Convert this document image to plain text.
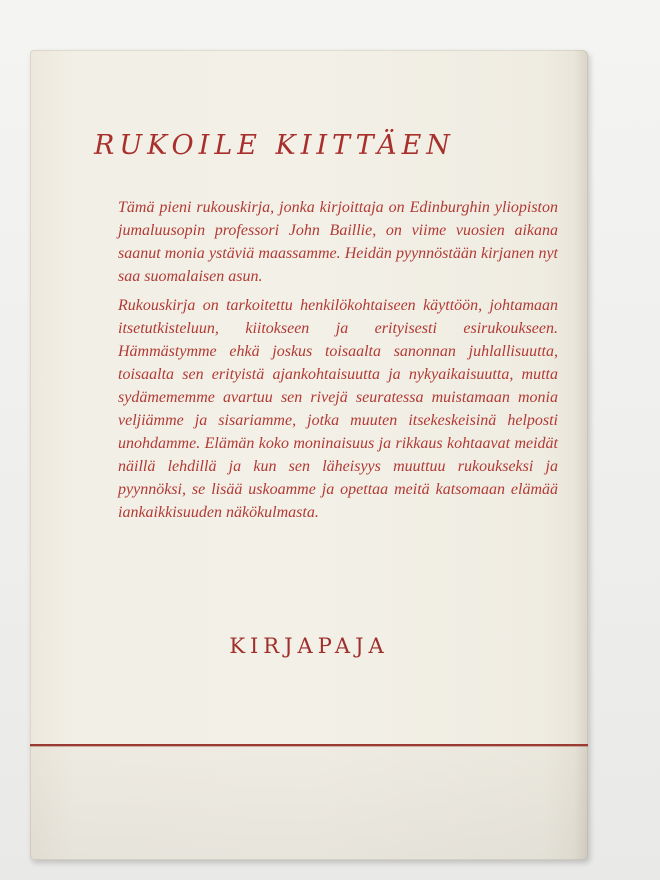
RUKOILE KIITTÄEN

Tämä pieni rukouskirja, jonka kirjoittaja on Edinburghin yliopiston jumaluusopin professori John Baillie, on viime vuosien aikana saanut monia ystäviä maassamme. Heidän pyynnöstään kirjanen nyt saa suomalaisen asun.

Rukouskirja on tarkoitettu henkilökohtaiseen käyttöön, johtamaan itsetutkisteluun, kiitokseen ja erityisesti esirukoukseen. Hämmästymme ehkä joskus toisaalta sanonnan juhlallisuutta, toisaalta sen erityistä ajankohtaisuutta ja nykyaikaisuutta, mutta sydämememme avartuu sen rivejä seuratessa muistamaan monia veljiämme ja sisariamme, jotka muuten itsekeskeisinä helposti unohdamme. Elämän koko moninaisuus ja rikkaus kohtaavat meidät näillä lehdillä ja kun sen läheisyys muuttuu rukoukseksi ja pyynnöksi, se lisää uskoamme ja opettaa meitä katsomaan elämää iankaikkisuuden näkökulmasta.

KIRJAPAJA
